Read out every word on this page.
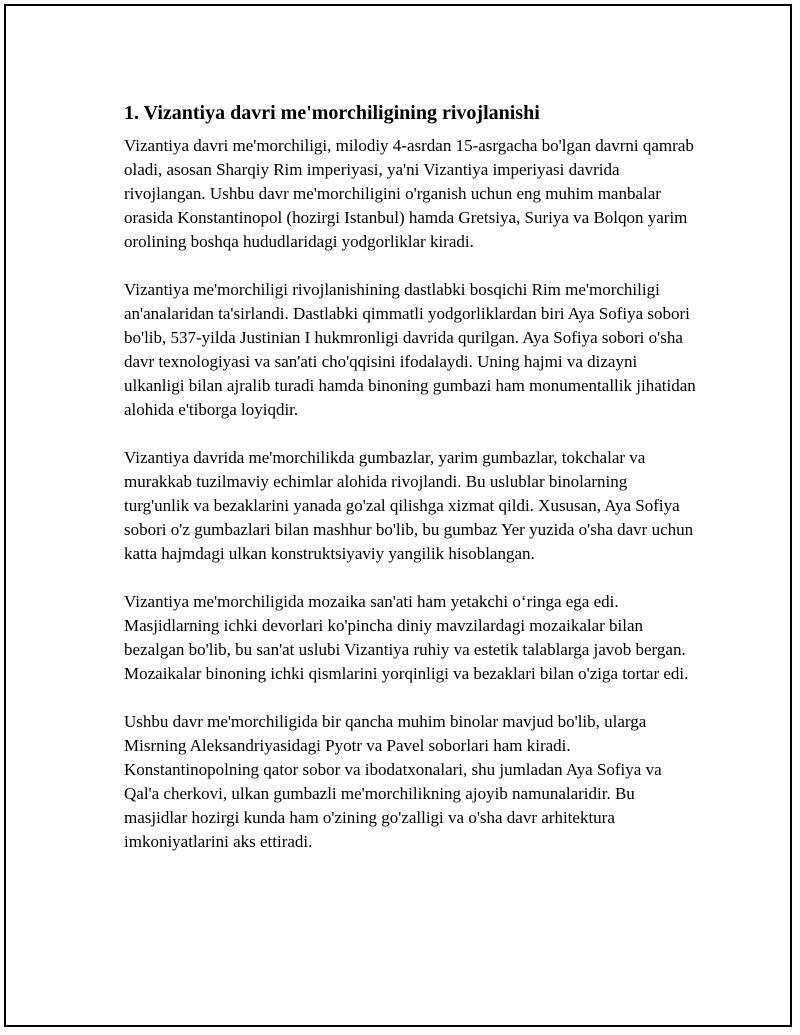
1. Vizantiya davri me'morchiligining rivojlanishi

Vizantiya davri me'morchiligi, milodiy 4-asrdan 15-asrgacha bo'lgan davrni qamrab oladi, asosan Sharqiy Rim imperiyasi, ya'ni Vizantiya imperiyasi davrida rivojlangan. Ushbu davr me'morchiligini o'rganish uchun eng muhim manbalar orasida Konstantinopol (hozirgi Istanbul) hamda Gretsiya, Suriya va Bolqon yarim orolining boshqa hududlaridagi yodgorliklar kiradi.

Vizantiya me'morchiligi rivojlanishining dastlabki bosqichi Rim me'morchiligi an'analaridan ta'sirlandi. Dastlabki qimmatli yodgorliklardan biri Aya Sofiya sobori bo'lib, 537-yilda Justinian I hukmronligi davrida qurilgan. Aya Sofiya sobori o'sha davr texnologiyasi va san'ati cho'qqisini ifodalaydi. Uning hajmi va dizayni ulkanligi bilan ajralib turadi hamda binoning gumbazi ham monumentallik jihatidan alohida e'tiborga loyiqdir.

Vizantiya davrida me'morchilikda gumbazlar, yarim gumbazlar, tokchalar va murakkab tuzilmaviy echimlar alohida rivojlandi. Bu uslublar binolarning turg'unlik va bezaklarini yanada go'zal qilishga xizmat qildi. Xususan, Aya Sofiya sobori o'z gumbazlari bilan mashhur bo'lib, bu gumbaz Yer yuzida o'sha davr uchun katta hajmdagi ulkan konstruktsiyaviy yangilik hisoblangan.

Vizantiya me'morchiligida mozaika san'ati ham yetakchi o‘ringa ega edi. Masjidlarning ichki devorlari ko'pincha diniy mavzilardagi mozaikalar bilan bezalgan bo'lib, bu san'at uslubi Vizantiya ruhiy va estetik talablarga javob bergan. Mozaikalar binoning ichki qismlarini yorqinligi va bezaklari bilan o'ziga tortar edi.

Ushbu davr me'morchiligida bir qancha muhim binolar mavjud bo'lib, ularga Misrning Aleksandriyasidagi Pyotr va Pavel soborlari ham kiradi. Konstantinopolning qator sobor va ibodatxonalari, shu jumladan Aya Sofiya va Qal'a cherkovi, ulkan gumbazli me'morchilikning ajoyib namunalaridir. Bu masjidlar hozirgi kunda ham o'zining go'zalligi va o'sha davr arhitektura imkoniyatlarini aks ettiradi.
